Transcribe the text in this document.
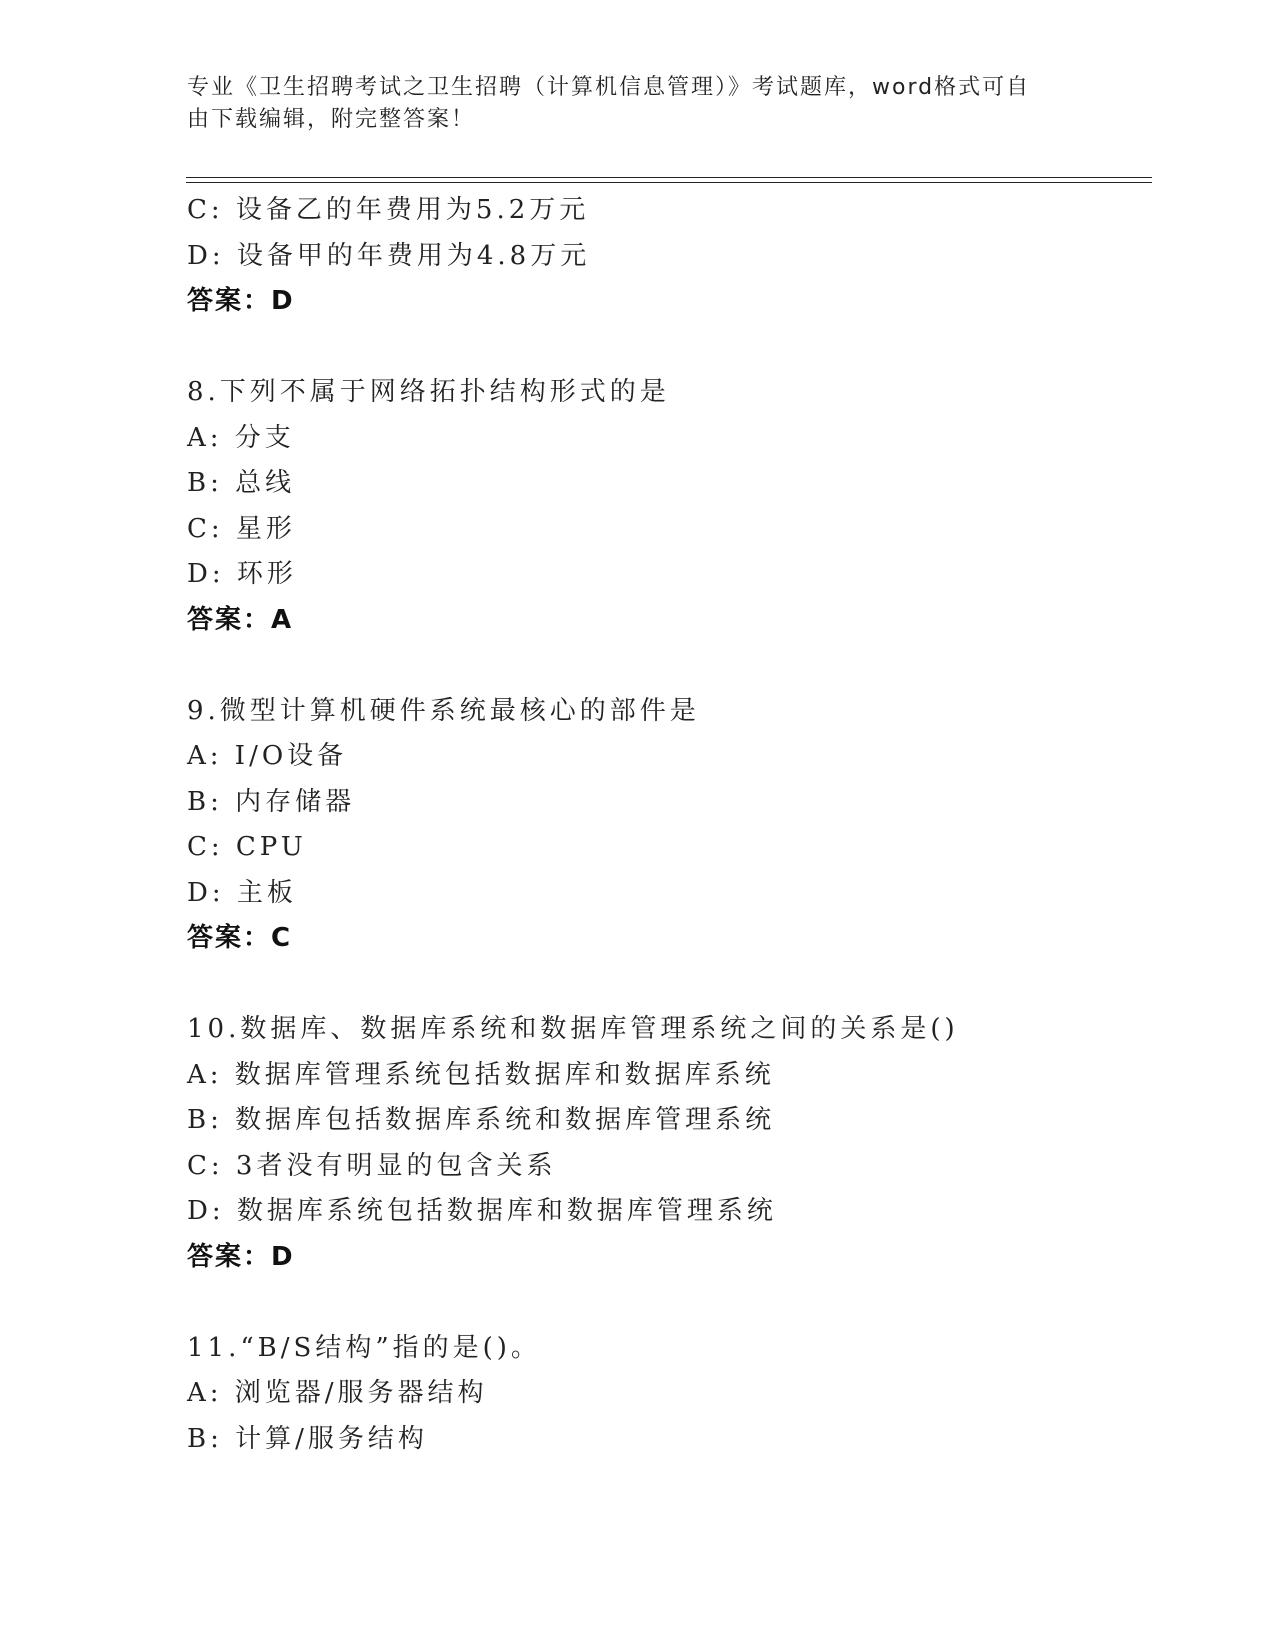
专业《卫生招聘考试之卫生招聘（计算机信息管理）》考试题库，word格式可自
由下载编辑，附完整答案！
C: 设备乙的年费用为5.2万元
D: 设备甲的年费用为4.8万元
答案：D
8.下列不属于网络拓扑结构形式的是
A: 分支
B: 总线
C: 星形
D: 环形
答案：A
9.微型计算机硬件系统最核心的部件是
A: I/O设备
B: 内存储器
C: CPU
D: 主板
答案：C
10.数据库、数据库系统和数据库管理系统之间的关系是()
A: 数据库管理系统包括数据库和数据库系统
B: 数据库包括数据库系统和数据库管理系统
C: 3者没有明显的包含关系
D: 数据库系统包括数据库和数据库管理系统
答案：D
11.“B/S结构”指的是()。
A: 浏览器/服务器结构
B: 计算/服务结构
